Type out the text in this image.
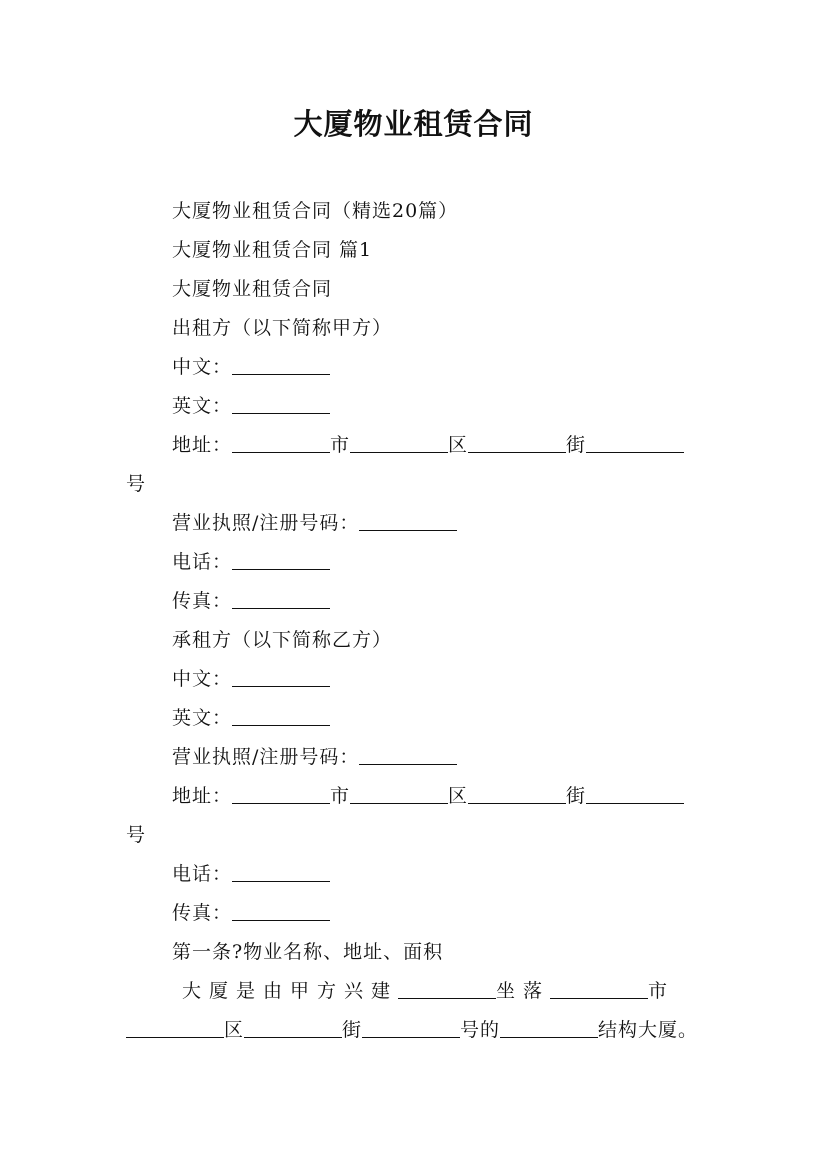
大厦物业租赁合同
大厦物业租赁合同（精选20篇）
大厦物业租赁合同 篇1
大厦物业租赁合同
出租方（以下简称甲方）
中文：
英文：
地址：	市	区	街
号
营业执照/注册号码：
电话：
传真：
承租方（以下简称乙方）
中文：
英文：
营业执照/注册号码：
地址：	市	区	街
号
电话：
传真：
第一条?物业名称、地址、面积
大厦是由甲方兴建	坐落	市
区	街	号的	结构大厦。
